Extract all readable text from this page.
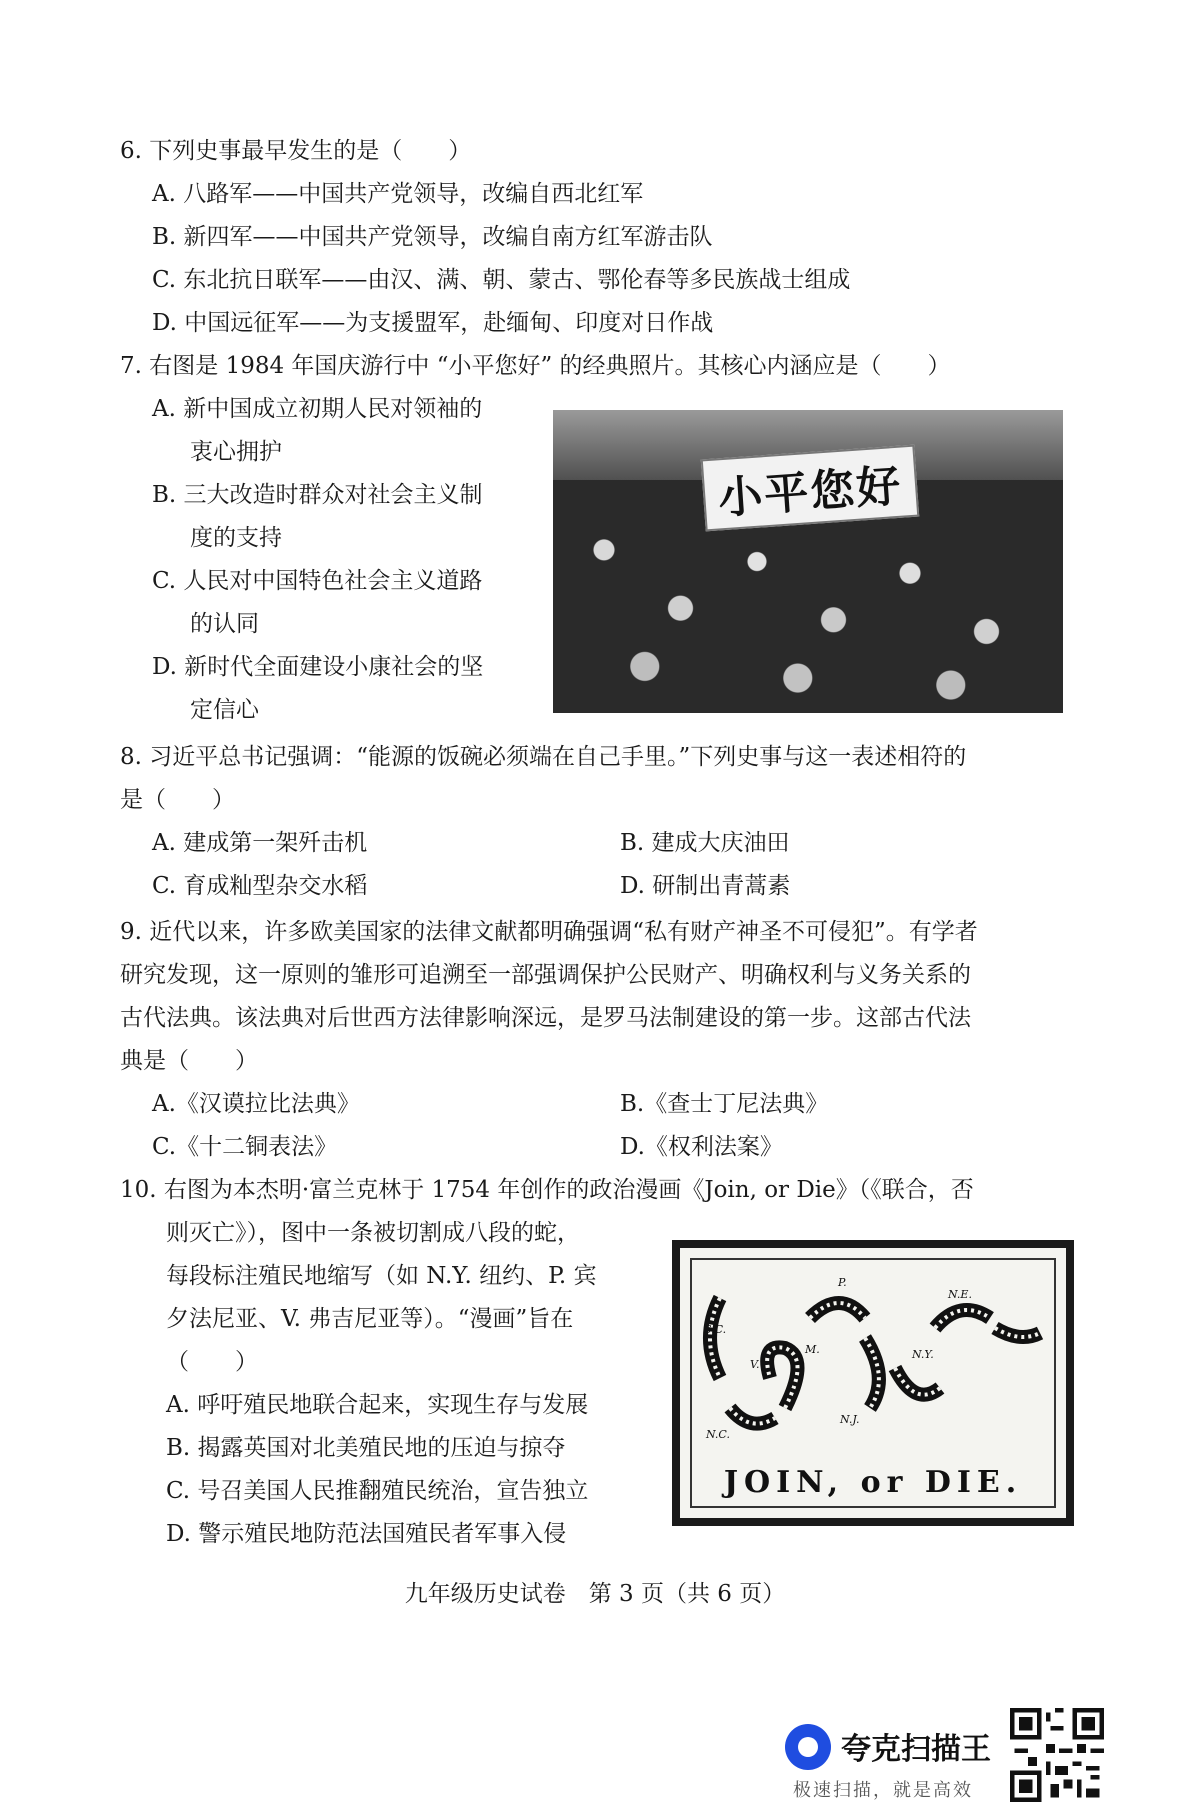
6. 下列史事最早发生的是（　　）
A. 八路军——中国共产党领导，改编自西北红军
B. 新四军——中国共产党领导，改编自南方红军游击队
C. 东北抗日联军——由汉、满、朝、蒙古、鄂伦春等多民族战士组成
D. 中国远征军——为支援盟军，赴缅甸、印度对日作战
7. 右图是 1984 年国庆游行中 “小平您好” 的经典照片。其核心内涵应是（　　）
A. 新中国成立初期人民对领袖的
衷心拥护
B. 三大改造时群众对社会主义制
度的支持
C. 人民对中国特色社会主义道路
的认同
D. 新时代全面建设小康社会的坚
定信心
小平您好
8. 习近平总书记强调：“能源的饭碗必须端在自己手里。”下列史事与这一表述相符的
是（　　）
A. 建成第一架歼击机	B. 建成大庆油田
C. 育成籼型杂交水稻	D. 研制出青蒿素
9. 近代以来，许多欧美国家的法律文献都明确强调“私有财产神圣不可侵犯”。有学者
研究发现，这一原则的雏形可追溯至一部强调保护公民财产、明确权利与义务关系的
古代法典。该法典对后世西方法律影响深远，是罗马法制建设的第一步。这部古代法
典是（　　）
A.《汉谟拉比法典》	B.《查士丁尼法典》
C.《十二铜表法》	D.《权利法案》
10. 右图为本杰明·富兰克林于 1754 年创作的政治漫画《Join, or Die》（《联合，否
则灭亡》），图中一条被切割成八段的蛇，
每段标注殖民地缩写（如 N.Y. 纽约、P. 宾
夕法尼亚、V. 弗吉尼亚等）。“漫画”旨在
（　　）
A. 呼吁殖民地联合起来，实现生存与发展
B. 揭露英国对北美殖民地的压迫与掠夺
C. 号召美国人民推翻殖民统治，宣告独立
D. 警示殖民地防范法国殖民者军事入侵
S.C.
N.C.
V.
M.
P.
N.J.
N.Y.
N.E.
JOIN, or DIE.
九年级历史试卷　第 3 页（共 6 页）
夸克扫描王
极速扫描，就是高效
